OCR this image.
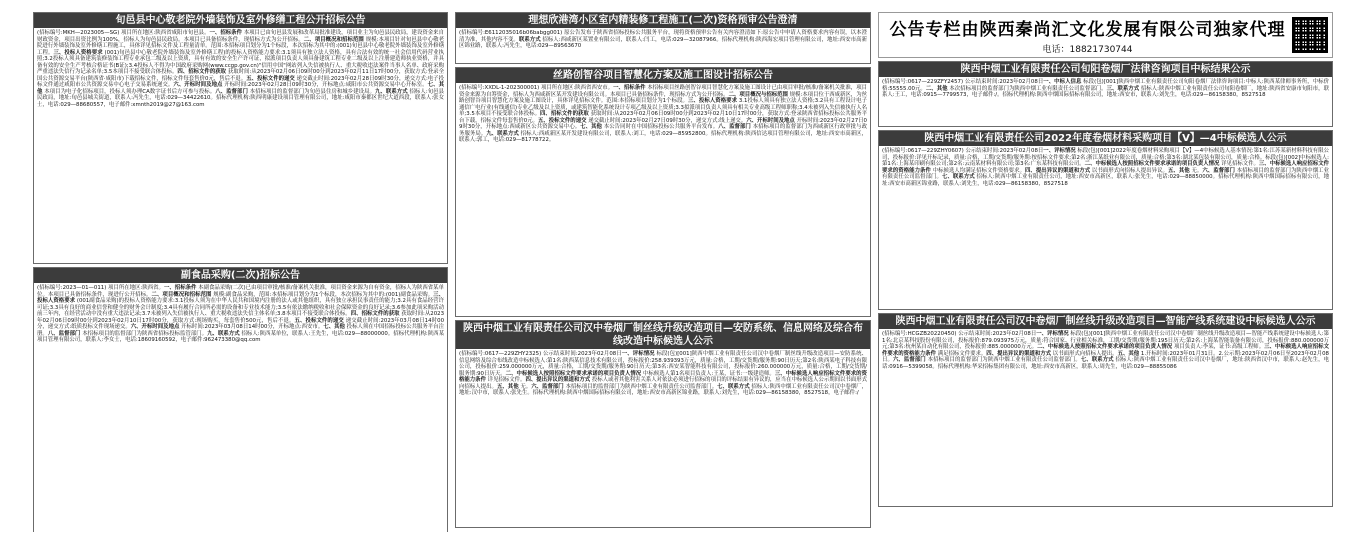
旬邑县中心敬老院外墙装饰及室外修缮工程公开招标公告
(招标编号:MKH—2023005—SG) 项目所在地区:陕西省咸阳市旬邑县。一、招标条件 本项目已由旬邑县发展和改革局批准建设，项目业主为旬邑县民政局，建设资金来自财政资金，项目出资比例为100%，招标人为旬邑县民政局。本项目已具备招标条件，现招标方式为公开招标。二、项目概况和招标范围 规模:本项目针对旬邑县中心敬老院进行外墙装饰及室外修缮工程施工，具体详见招标文件及工程量清单。范围:本招标项目划分为1个标段，本次招标为其中的:(001)旬邑县中心敬老院外墙装饰及室外修缮工程。三、投标人资格要求 (001)旬邑县中心敬老院外墙装饰及室外修缮工程)的投标人资格能力要求:3.1须具有独立法人资格，具有合法有效的统一社会信用代码营业执照;3.2投标人须具备建筑装修装饰工程专业承包二级及以上资质，具有有效的安全生产许可证，拟派项目负责人须具备建筑工程专业二级及以上注册建造师执业资格，并具备有效的安全生产考核合格证书(B证);3.4投标人不得为中国政府采购网(www.ccgp.gov.cn)"信用中国"网站列入失信被执行人、重大税收违法案件当事人名单、政府采购严重违法失信行为记录名单;3.5本项目不接受联合体投标。四、招标文件的获取 获取时间:从2023年02月06日09时00分到2023年02月11日17时00分，获取方式:登录全国公共资源交易平台(陕西省·咸阳市)下载招标文件，招标文件每套售价0元，售后不退。五、投标文件的递交 递交截止时间:2023年02月28日09时30分，递交方式:电子投标文件通过咸阳市公共资源交易中心电子交易系统递交。六、开标时间及地点 开标时间:2023年02月28日09时30分，开标地点:咸阳市公共资源交易中心开标室。七、其他 本项目为电子化招标项目，投标人须办理CA数字证书后方可参与投标。八、监督部门 本招标项目的监督部门为旬邑县住房和城乡建设局。九、联系方式 招标人:旬邑县民政局，地址:旬邑县城关街道，联系人:冯先生，电话:029—34422610。招标代理机构:陕西明康建设项目管理有限公司，地址:咸阳市秦都区世纪大道西段，联系人:张女士，电话:029—88680557，电子邮件:xmnth2019@27@163.com
副食品采购(二次)招标公告
(招标编号:2023—01—011) 项目所在地区:陕西省。一、招标条件 本副食品采购(二次)已由项目审批/核准/备案机关批准，项目资金来源为自有资金，招标人为陕西省某单位。本项目已具备招标条件，现进行公开招标。二、项目概况和招标范围 规模:副食品采购，范围:本招标项目划分为1个标段，本次招标为其中的:(001)副食品采购。三、投标人资格要求 (001副食品采购)的投标人资格能力要求:3.1投标人须为在中华人民共和国境内注册的法人或其他组织，具有独立承担民事责任的能力;3.2具有食品经营许可证;3.3具有良好的商业信誉和健全的财务会计制度;3.4具有履行合同所必需的设备和专业技术能力;3.5有依法缴纳税收和社会保障资金的良好记录;3.6参加此项采购活动前三年内，在经营活动中没有重大违法记录;3.7未被列入失信被执行人、重大税收违法失信主体名单;3.8本项目不接受联合体投标。四、招标文件的获取 获取时间:从2023年02月06日09时00分到2023年02月10日17时00分，获取方式:现场购买，每套售价500元，售后不退。五、投标文件的递交 递交截止时间:2023年03月08日14时00分，递交方式:纸质投标文件现场递交。六、开标时间及地点 开标时间:2023年03月08日14时00分，开标地点:西安市。七、其他 投标人须在中国招标投标公共服务平台注册。八、监督部门 本招标项目的监督部门为陕西省招标投标监管部门。九、联系方式 招标人:陕西某单位，联系人:王先生，电话:029—88000000。招标代理机构:陕西某项目管理有限公司，联系人:李女士，电话:18609160592，电子邮件:962473380@qq.com
理想欣港湾小区室内精装修工程施工(二次)资格预审公告澄清
(招标编号:E6112035016b06babgg001) 原公告发布于陕西省招标投标公共服务平台，现将资格预审公告有关内容澄清如下:原公告中申请人资格要求内容有误，以本澄清为准，其他内容不变。联系方式 招标人:西咸新区某置业有限公司，联系人:闫工，电话:029—32087966。招标代理机构:陕西海宏项目管理有限公司，地址:西安市高新区锦业路，联系人:冯先生，电话:029—89563670
丝路创智谷项目智慧化方案及施工图设计招标公告
(招标编号:XXDL-1-202300001) 项目所在地区:陕西省西安市。一、招标条件 本招标项目丝路创智谷项目智慧化方案及施工图设计已由项目审批/核准/备案机关批准，项目资金来源为自筹资金，招标人为西咸新区某开发建设有限公司。本项目已具备招标条件，现招标方式为公开招标。二、项目概况与招标范围 规模:本项目位于西咸新区，为丝路创智谷项目智慧化方案及施工图设计，具体详见招标文件。范围:本招标项目划分为1个标段。三、投标人资格要求 3.1投标人须具有独立法人资格;3.2具有工程设计电子通信广电行业(有线通信)专业乙级及以上资质，或建筑智能化系统设计专项乙级及以上资质;3.3拟派项目负责人须具有相关专业高级工程师职称;3.4未被列入失信被执行人名单;3.5本项目不接受联合体投标。四、招标文件的获取 获取时间:从2023年02月06日09时00分到2023年02月10日17时00分，获取方式:登录陕西省招标投标公共服务平台下载，招标文件每套售价0元。五、投标文件的递交 递交截止时间:2023年02月27日09时30分，递交方式:线上递交。六、开标时间及地点 开标时间:2023年02月27日09时30分，开标地点:西咸新区公共资源交易中心。七、其他 本公告同时在中国招标投标公共服务平台发布。八、监督部门 本招标项目的监督部门为西咸新区行政审批与政务服务局。九、联系方式 招标人:西咸新区某开发建设有限公司，联系人:刘工，电话:029—85952800。招标代理机构:陕西信达项目管理有限公司，地址:西安市高新区，联系人:郭工，电话:029—81778722。
陕西中烟工业有限责任公司汉中卷烟厂制丝线升级改造项目—安防系统、信息网络及综合布线改造中标候选人公示
(招标编号:0617—229ZHY2325) 公示结束时间:2023年02月08日一、评标情况 标段(包)[001]陕西中烟工业有限责任公司汉中卷烟厂制丝线升级改造项目—安防系统、信息网络及综合布线改造中标候选人:第1名:陕西某信息技术有限公司，投标报价:258.939393万元，质量:合格，工期/交货期/服务期:90日历天;第2名:陕西某电子科技有限公司，投标报价:259.000000万元，质量:合格，工期/交货期/服务期:90日历天;第3名:西安某智能科技有限公司，投标报价:260.000000万元，质量:合格，工期/交货期/服务期:90日历天。二、中标候选人按照招标文件要求承诺的项目负责人情况 中标候选人第1名项目负责人:王某，证书:一级建造师。三、中标候选人响应招标文件要求的资格能力条件 详见招标文件。四、提出异议的渠道和方式 投标人或者其他利害关系人对依法必须进行招标的项目的评标结果有异议的，应当在中标候选人公示期间以书面形式向招标人提出。五、其他 无。六、监督部门 本招标项目的监督部门为陕西中烟工业有限责任公司监督部门。七、联系方式 招标人:陕西中烟工业有限责任公司汉中卷烟厂，地址:汉中市，联系人:张先生。招标代理机构:陕西中烟国际招标有限公司，地址:西安市高新区锦业路，联系人:刘先生，电话:029—86158380，8527518，电子邮件:/
公告专栏由陕西秦尚汇文化发展有限公司独家代理
电话：18821730744
陕西中烟工业有限责任公司旬阳卷烟厂法律咨询项目中标结果公示
(招标编号:0617—229ZFY2457) 公示结束时间:2023年02月08日一、中标人信息 标段(包)[001]陕西中烟工业有限责任公司旬阳卷烟厂法律咨询项目:中标人:陕西某律师事务所，中标价格:55555.00元。二、其他 本次招标项目的监督部门为陕西中烟工业有限责任公司监督部门。三、联系方式 招标人:陕西中烟工业有限责任公司旬阳卷烟厂，地址:陕西省安康市旬阳市，联系人:王工，电话:0915—7799573，电子邮件:/。招标代理机构:陕西中烟国际招标有限公司，地址:西安市，联系人:刘先生，电话:029—86158380，8527518
陕西中烟工业有限责任公司2022年度卷烟材料采购项目【Ⅴ】—4中标候选人公示
(招标编号:0617—229ZHY0607) 公示结束时间:2023年02月08日一、评标情况 标段(包)[001]2022年度卷烟材料采购项目【Ⅴ】—4中标候选人基本情况:第1名:江苏某新材料科技有限公司，投标报价:详见开标记录，质量:合格，工期/交货期/服务期:按招标文件要求;第2名:浙江某纸业有限公司，质量:合格;第3名:湖北某包装有限公司，质量:合格。标段(包)[002]中标候选人:第1名:上海某印刷有限公司;第2名:云南某材料有限公司;第3名:广东某科技有限公司。二、中标候选人按照招标文件要求承诺的项目负责人情况 详见招标文件。三、中标候选人响应招标文件要求的资格能力条件 中标候选人均满足招标文件资格要求。四、提出异议的渠道和方式 以书面形式向招标人提出异议。五、其他 无。六、监督部门 本招标项目的监督部门为陕西中烟工业有限责任公司监督部门。七、联系方式 招标人:陕西中烟工业有限责任公司，地址:西安市高新区，联系人:张先生，电话:029—88850000。招标代理机构:陕西中烟国际招标有限公司，地址:西安市高新区锦业路，联系人:刘先生，电话:029—86158380，8527518
陕西中烟工业有限责任公司汉中卷烟厂制丝线升级改造项目—智能产线系统建设中标候选人公示
(招标编号:HCGZB20220450) 公示结束时间:2023年02月08日一、评标情况 标段(包)[001]陕西中烟工业有限责任公司汉中卷烟厂制丝线升级改造项目—智能产线系统建设中标候选人:第1名:北京某科技股份有限公司，投标报价:879.093975万元，质量:符合国家、行业相关标准，工期/交货期/服务期:195日历天;第2名:上海某智能装备有限公司，投标报价:880.000000万元;第3名:杭州某自动化有限公司，投标报价:885.000000万元。二、中标候选人按照招标文件要求承诺的项目负责人情况 项目负责人:李某，证书:高级工程师。三、中标候选人响应招标文件要求的资格能力条件 满足招标文件要求。四、提出异议的渠道和方式 以书面形式向招标人提出。五、其他 1.开标时间:2023年01月31日。2.公示期:2023年02月06日至2023年02月08日。六、监督部门 本招标项目的监督部门为陕西中烟工业有限责任公司监督部门。七、联系方式 招标人:陕西中烟工业有限责任公司汉中卷烟厂，地址:陕西省汉中市，联系人:赵先生，电话:0916—5399058。招标代理机构:华采招标集团有限公司，地址:西安市高新区，联系人:周先生，电话:029—88855086
